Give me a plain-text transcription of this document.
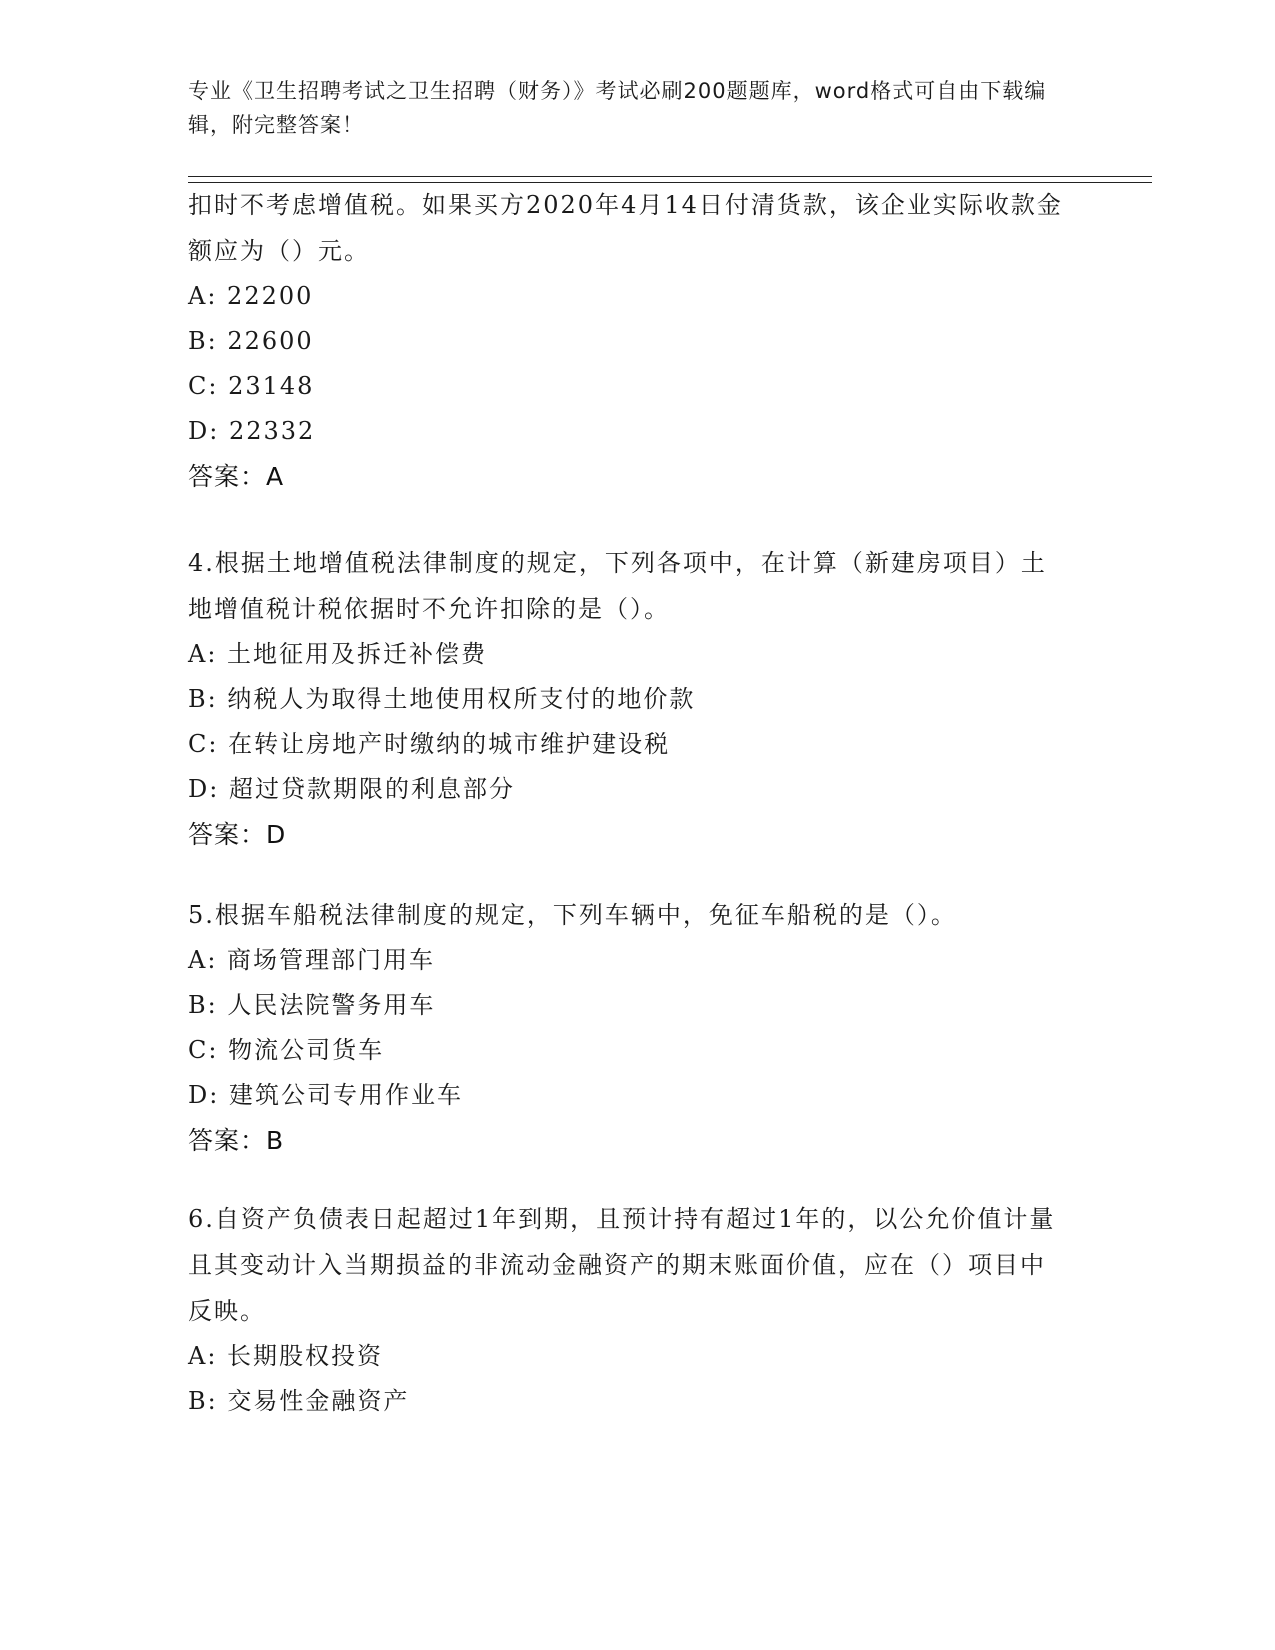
专业《卫生招聘考试之卫生招聘（财务）》考试必刷200题题库，word格式可自由下载编辑，附完整答案！
扣时不考虑增值税。如果买方2020年4月14日付清货款，该企业实际收款金额应为（）元。
A: 22200
B: 22600
C: 23148
D: 22332
答案：A
4.根据土地增值税法律制度的规定，下列各项中，在计算（新建房项目）土地增值税计税依据时不允许扣除的是（）。
A: 土地征用及拆迁补偿费
B: 纳税人为取得土地使用权所支付的地价款
C: 在转让房地产时缴纳的城市维护建设税
D: 超过贷款期限的利息部分
答案：D
5.根据车船税法律制度的规定，下列车辆中，免征车船税的是（）。
A: 商场管理部门用车
B: 人民法院警务用车
C: 物流公司货车
D: 建筑公司专用作业车
答案：B
6.自资产负债表日起超过1年到期，且预计持有超过1年的，以公允价值计量且其变动计入当期损益的非流动金融资产的期末账面价值，应在（）项目中反映。
A: 长期股权投资
B: 交易性金融资产
